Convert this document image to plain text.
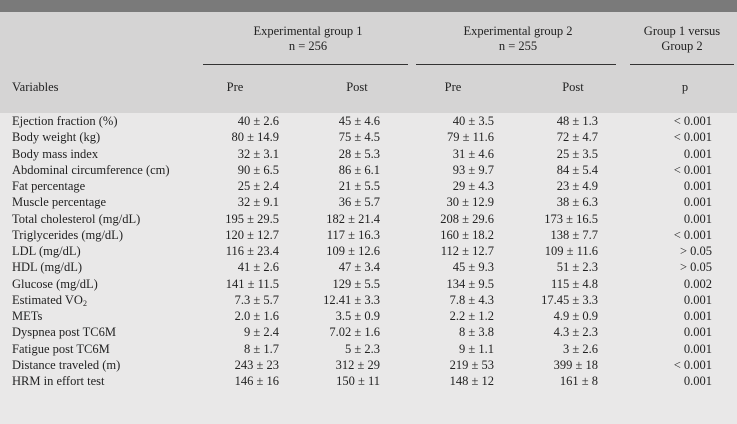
Experimental group 1
n = 256
Experimental group 2
n = 255
Group 1 versus
Group 2
Variables	Pre	Post	Pre	Post	p
Ejection fraction (%)	40 ± 2.6	45 ± 4.6	40 ± 3.5	48 ± 1.3	< 0.001
Body weight (kg)	80 ± 14.9	75 ± 4.5	79 ± 11.6	72 ± 4.7	< 0.001
Body mass index	32 ± 3.1	28 ± 5.3	31 ± 4.6	25 ± 3.5	0.001
Abdominal circumference (cm)	90 ± 6.5	86 ± 6.1	93 ± 9.7	84 ± 5.4	< 0.001
Fat percentage	25 ± 2.4	21 ± 5.5	29 ± 4.3	23 ± 4.9	0.001
Muscle percentage	32 ± 9.1	36 ± 5.7	30 ± 12.9	38 ± 6.3	0.001
Total cholesterol (mg/dL)	195 ± 29.5	182 ± 21.4	208 ± 29.6	173 ± 16.5	0.001
Triglycerides (mg/dL)	120 ± 12.7	117 ± 16.3	160 ± 18.2	138 ± 7.7	< 0.001
LDL (mg/dL)	116 ± 23.4	109 ± 12.6	112 ± 12.7	109 ± 11.6	> 0.05
HDL (mg/dL)	41 ± 2.6	47 ± 3.4	45 ± 9.3	51 ± 2.3	> 0.05
Glucose (mg/dL)	141 ± 11.5	129 ± 5.5	134 ± 9.5	115 ± 4.8	0.002
Estimated $VO_2$	7.3 ± 5.7	12.41 ± 3.3	7.8 ± 4.3	17.45 ± 3.3	0.001
METs	2.0 ± 1.6	3.5 ± 0.9	2.2 ± 1.2	4.9 ± 0.9	0.001
Dyspnea post TC6M	9 ± 2.4	7.02 ± 1.6	8 ± 3.8	4.3 ± 2.3	0.001
Fatigue post TC6M	8 ± 1.7	5 ± 2.3	9 ± 1.1	3 ± 2.6	0.001
Distance traveled (m)	243 ± 23	312 ± 29	219 ± 53	399 ± 18	< 0.001
HRM in effort test	146 ± 16	150 ± 11	148 ± 12	161 ± 8	0.001
